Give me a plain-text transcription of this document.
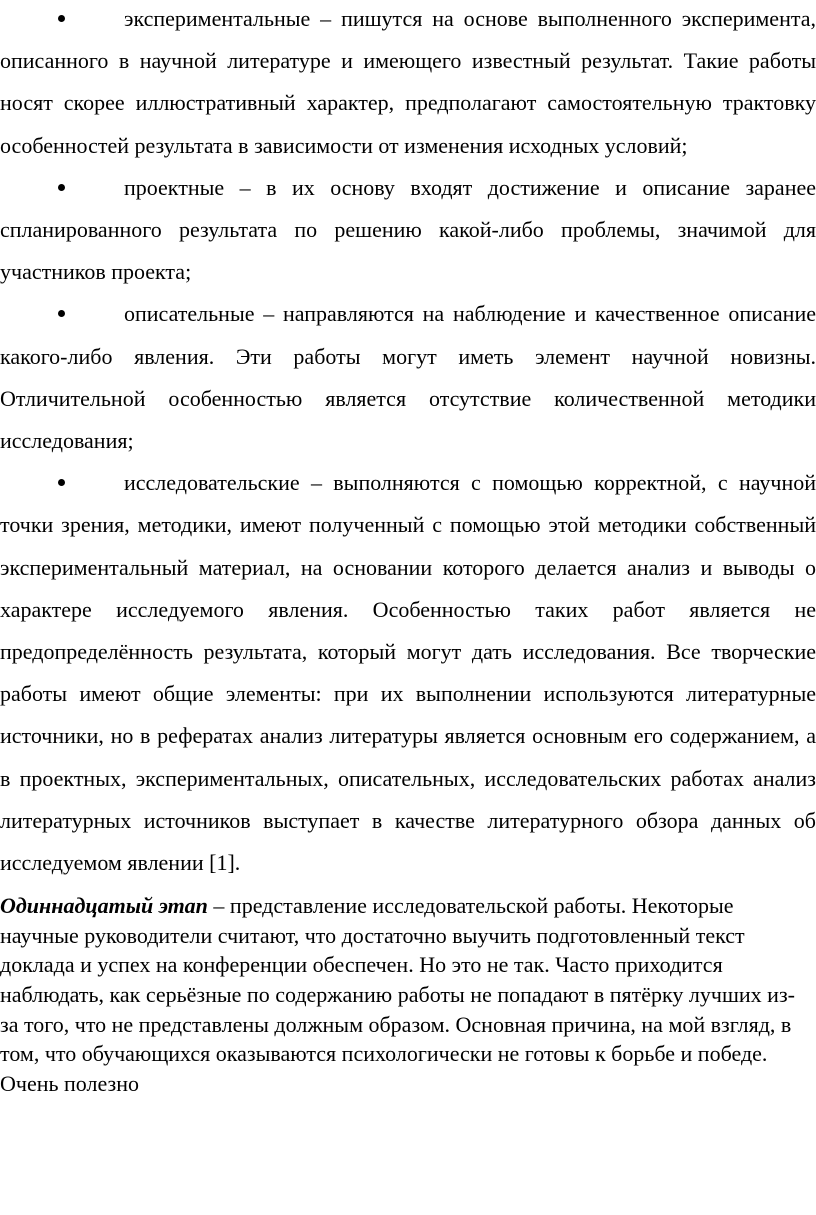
экспериментальные – пишутся на основе выполненного эксперимента, описанного в научной литературе и имеющего известный результат. Такие работы носят скорее иллюстративный характер, предполагают самостоятельную трактовку особенностей результата в зависимости от изменения исходных условий;
проектные – в их основу входят достижение и описание заранее спланированного результата по решению какой-либо проблемы, значимой для участников проекта;
описательные – направляются на наблюдение и качественное описание какого-либо явления. Эти работы могут иметь элемент научной новизны. Отличительной особенностью является отсутствие количественной методики исследования;
исследовательские – выполняются с помощью корректной, с научной точки зрения, методики, имеют полученный с помощью этой методики собственный экспериментальный материал, на основании которого делается анализ и выводы о характере исследуемого явления. Особенностью таких работ является не предопределённость результата, который могут дать исследования. Все творческие работы имеют общие элементы: при их выполнении используются литературные источники, но в рефератах анализ литературы является основным его содержанием, а в проектных, экспериментальных, описательных, исследовательских работах анализ литературных источников выступает в качестве литературного обзора данных об исследуемом явлении [1].

Одиннадцатый этап – представление исследовательской работы. Некоторые научные руководители считают, что достаточно выучить подготовленный текст доклада и успех на конференции обеспечен. Но это не так. Часто приходится наблюдать, как серьёзные по содержанию работы не попадают в пятёрку лучших из-за того, что не представлены должным образом. Основная причина, на мой взгляд, в том, что обучающихся оказываются психологически не готовы к борьбе и победе. Очень полезно
